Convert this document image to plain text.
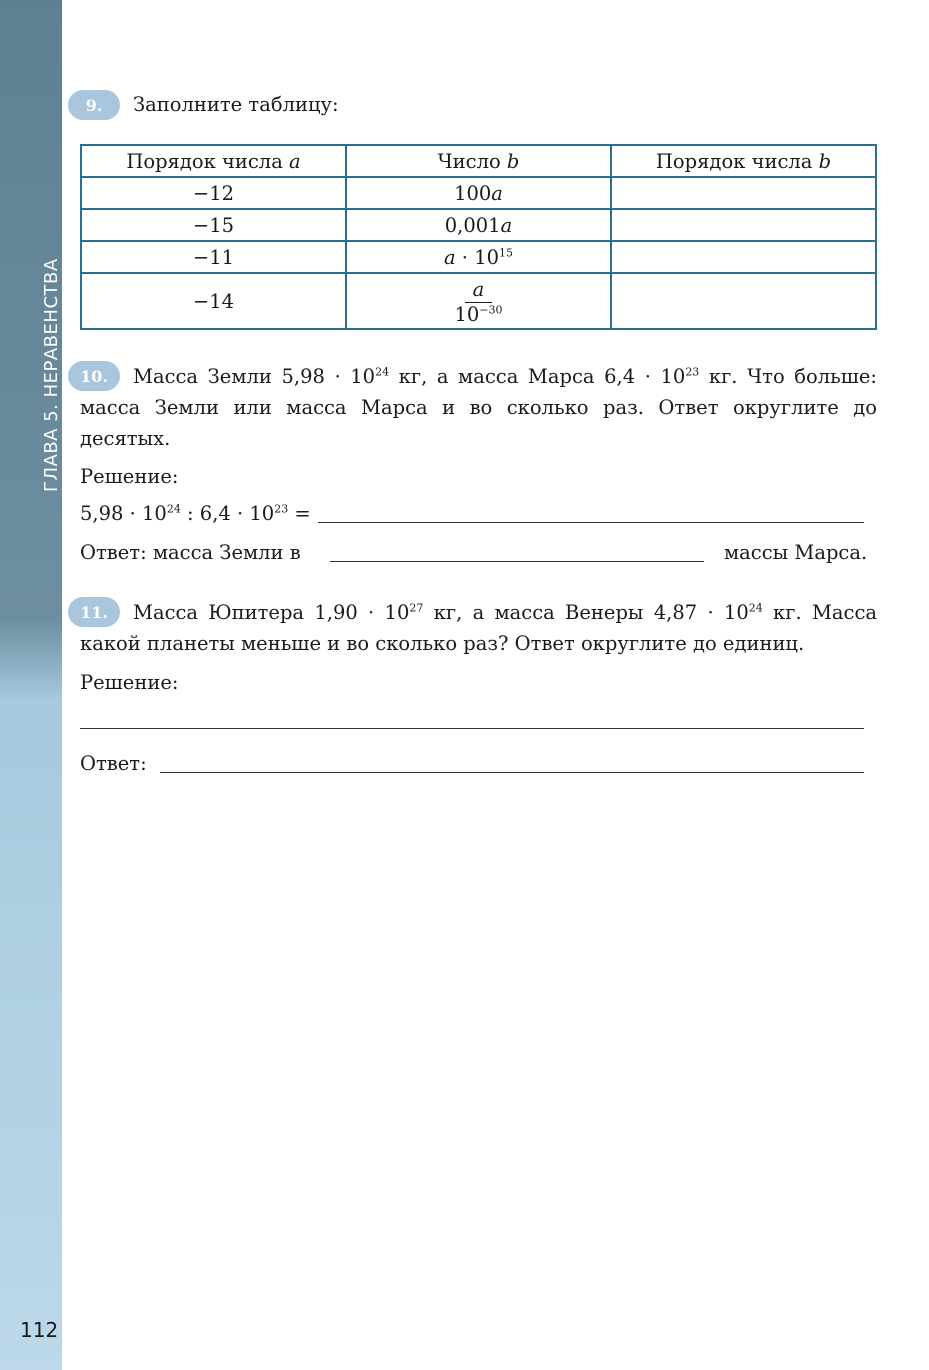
ГЛАВА 5. НЕРАВЕНСТВА
112
9.	Заполните таблицу:
Порядок числа a	Число b	Порядок числа b
−12	100a	
−15	0,001a	
−11	$a \cdot 10^{15}$	
−14	$\frac{a}{10^{-30}}$

10.	Масса Земли $5,98 \cdot 10^{24}$ кг, а масса Марса $6,4 \cdot 10^{23}$ кг. Что больше: масса Земли или масса Марса и во сколько раз. Ответ округлите до десятых.
Решение:
$5,98 \cdot 10^{24}$ : $6,4 \cdot 10^{23}$ =
Ответ: масса Земли в	массы Марса.
11.	Масса Юпитера $1,90 \cdot 10^{27}$ кг, а масса Венеры $4,87 \cdot 10^{24}$ кг. Масса какой планеты меньше и во сколько раз? Ответ округлите до единиц.
Решение:
Ответ:
